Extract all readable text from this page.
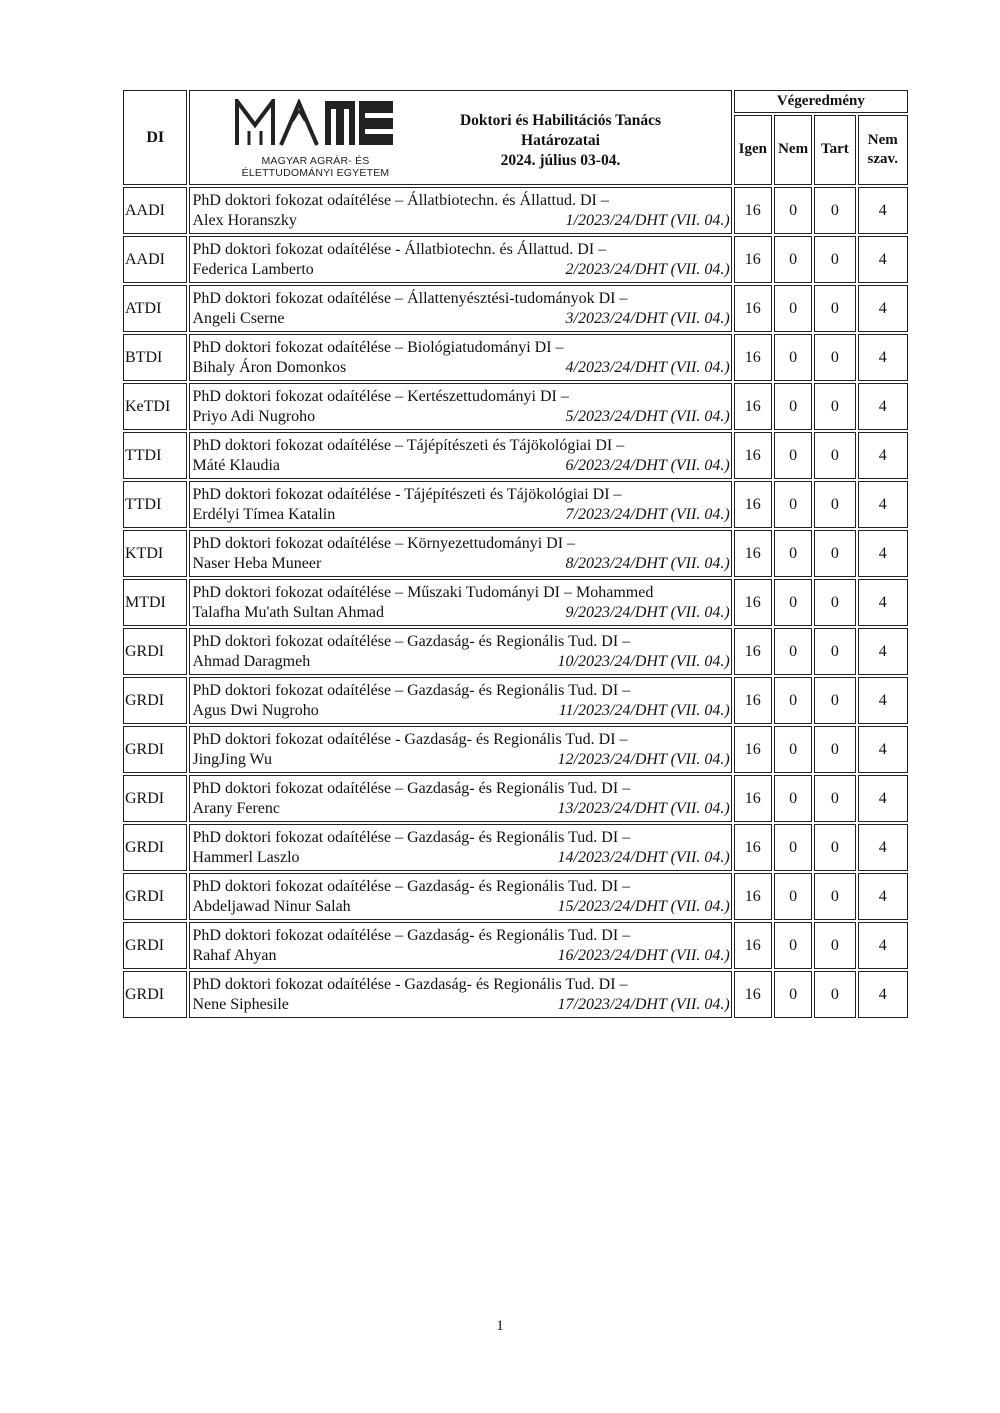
DI	MAGYAR AGRÁR- ÉS
ÉLETTUDOMÁNYI EGYETEM
Doktori és Habilitációs Tanács
Határozatai
2024. július 03-04.	Végeredmény			
		Igen	Nem	Tart	Nem
szav.
AADI	PhD doktori fokozat odaítélése – Állatbiotechn. és Állattud. DI –
Alex Horanszky 1/2023/24/DHT (VII. 04.)	16	0	0	4
AADI	PhD doktori fokozat odaítélése - Állatbiotechn. és Állattud. DI –
Federica Lamberto 2/2023/24/DHT (VII. 04.)	16	0	0	4
ATDI	PhD doktori fokozat odaítélése – Állattenyésztési-tudományok DI –
Angeli Cserne 3/2023/24/DHT (VII. 04.)	16	0	0	4
BTDI	PhD doktori fokozat odaítélése – Biológiatudományi DI –
Bihaly Áron Domonkos 4/2023/24/DHT (VII. 04.)	16	0	0	4
KeTDI	PhD doktori fokozat odaítélése – Kertészettudományi DI –
Priyo Adi Nugroho 5/2023/24/DHT (VII. 04.)	16	0	0	4
TTDI	PhD doktori fokozat odaítélése – Tájépítészeti és Tájökológiai DI –
Máté Klaudia 6/2023/24/DHT (VII. 04.)	16	0	0	4
TTDI	PhD doktori fokozat odaítélése - Tájépítészeti és Tájökológiai DI –
Erdélyi Tímea Katalin 7/2023/24/DHT (VII. 04.)	16	0	0	4
KTDI	PhD doktori fokozat odaítélése – Környezettudományi DI –
Naser Heba Muneer 8/2023/24/DHT (VII. 04.)	16	0	0	4
MTDI	PhD doktori fokozat odaítélése – Műszaki Tudományi DI – Mohammed
Talafha Mu'ath Sultan Ahmad 9/2023/24/DHT (VII. 04.)	16	0	0	4
GRDI	PhD doktori fokozat odaítélése – Gazdaság- és Regionális Tud. DI –
Ahmad Daragmeh 10/2023/24/DHT (VII. 04.)	16	0	0	4
GRDI	PhD doktori fokozat odaítélése – Gazdaság- és Regionális Tud. DI –
Agus Dwi Nugroho 11/2023/24/DHT (VII. 04.)	16	0	0	4
GRDI	PhD doktori fokozat odaítélése - Gazdaság- és Regionális Tud. DI –
JingJing Wu 12/2023/24/DHT (VII. 04.)	16	0	0	4
GRDI	PhD doktori fokozat odaítélése – Gazdaság- és Regionális Tud. DI –
Arany Ferenc 13/2023/24/DHT (VII. 04.)	16	0	0	4
GRDI	PhD doktori fokozat odaítélése – Gazdaság- és Regionális Tud. DI –
Hammerl Laszlo 14/2023/24/DHT (VII. 04.)	16	0	0	4
GRDI	PhD doktori fokozat odaítélése – Gazdaság- és Regionális Tud. DI –
Abdeljawad Ninur Salah 15/2023/24/DHT (VII. 04.)	16	0	0	4
GRDI	PhD doktori fokozat odaítélése – Gazdaság- és Regionális Tud. DI –
Rahaf Ahyan 16/2023/24/DHT (VII. 04.)	16	0	0	4
GRDI	PhD doktori fokozat odaítélése - Gazdaság- és Regionális Tud. DI –
Nene Siphesile 17/2023/24/DHT (VII. 04.)	16	0	0	4
1
